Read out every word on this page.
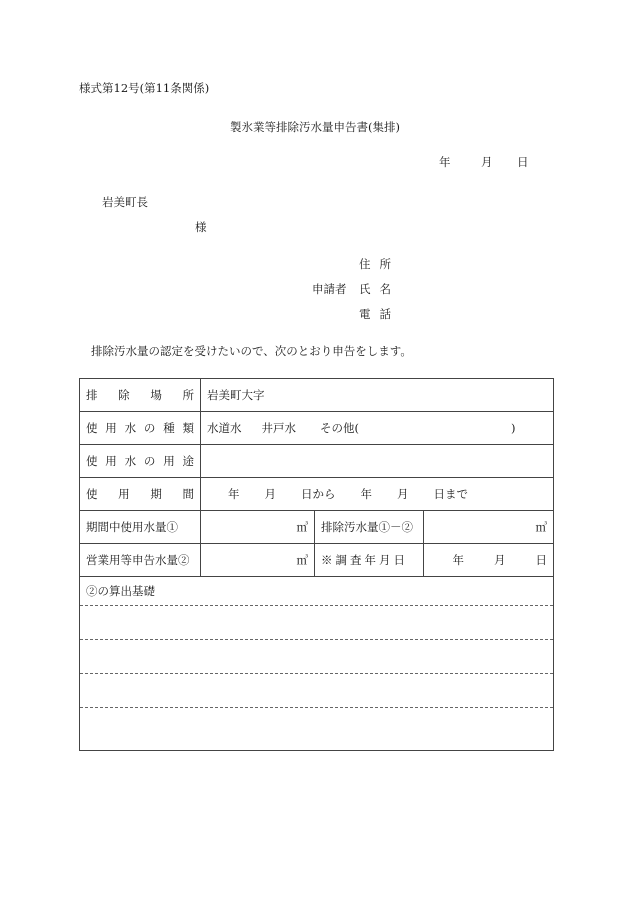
様式第12号(第11条関係)
製氷業等排除汚水量申告書(集排)
年	月 日
岩美町長
様
住所
申請者 氏名
電話
排除汚水量の認定を受けたいので、次のとおり申告をします。
排除場所	岩美町大字		
使用水の種類	水道水 井戸水 その他( )		
使用水の用途			
使用期間	年 月 日から 年 月 日まで		
期間中使用水量①	㎥	排除汚水量①－②	㎥
営業用等申告水量②	㎥	※調査年月日	年 月 日

②の算出基礎			
